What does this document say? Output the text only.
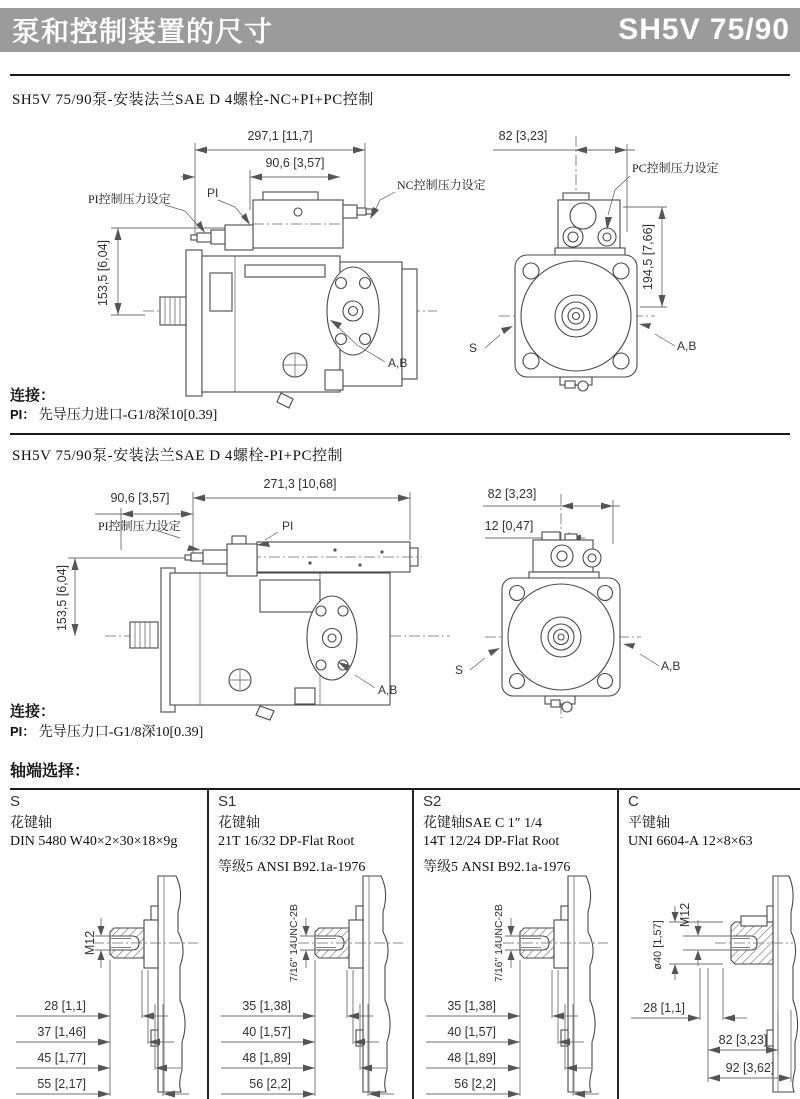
泵和控制装置的尺寸	SH5V 75/90
SH5V 75/90泵-安装法兰SAE D 4螺栓-NC+PI+PC控制
297,1 [11,7]
90,6 [3,57]
PI
PI控制压力设定
NC控制压力设定
153,5 [6,04]
A,B
82 [3,23]
PC控制压力设定
194,5 [7,66]
S	A,B
连接：
PI： 先导压力进口-G1/8深10[0.39]
SH5V 75/90泵-安装法兰SAE D 4螺栓-PI+PC控制
271,3 [10,68]
90,6 [3,57]
PI控制压力设定	PI
153,5 [6,04]
A,B
82 [3,23]
12 [0,47]
S	A,B
连接：
PI： 先导压力口-G1/8深10[0.39]
轴端选择：
S
花键轴
DIN 5480 W40×2×30×18×9g
S1
花键轴
21T 16/32 DP-Flat Root
等级5 ANSI B92.1a-1976
S2
花键轴SAE C 1″ 1/4
14T 12/24 DP-Flat Root
等级5 ANSI B92.1a-1976
C
平键轴
UNI 6604-A 12×8×63
M12
28 [1,1]
37 [1,46]
45 [1,77]
55 [2,17]
7/16" 14UNC-2B
35 [1,38]
40 [1,57]
48 [1,89]
56 [2,2]
7/16" 14UNC-2B
35 [1,38]
40 [1,57]
48 [1,89]
56 [2,2]
M12
ø40 [1,57]
28 [1,1]
82 [3,23]
92 [3,62]
